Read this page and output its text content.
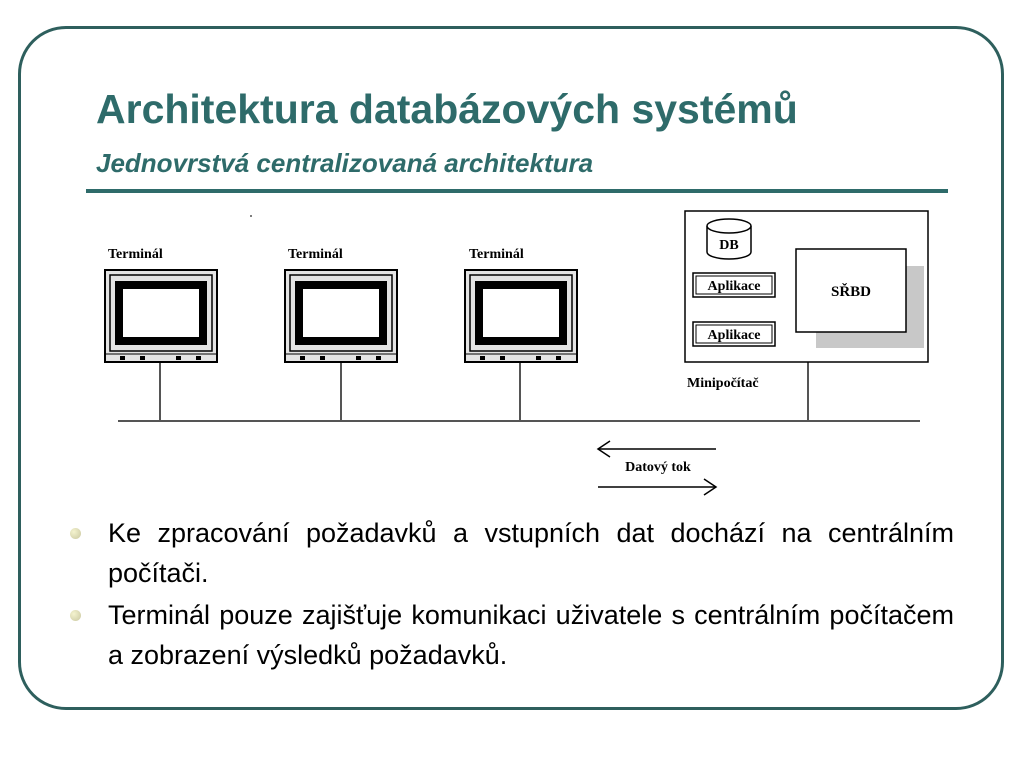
Architektura databázových systémů
Jednovrstvá centralizovaná architektura
Terminál	Terminál	Terminál
DB
Aplikace
Aplikace
SŘBD
Minipočítač
Datový tok
Ke zpracování požadavků a vstupních dat dochází na centrálním počítači.
Terminál pouze zajišťuje komunikaci uživatele s centrálním počítačem a zobrazení výsledků požadavků.
